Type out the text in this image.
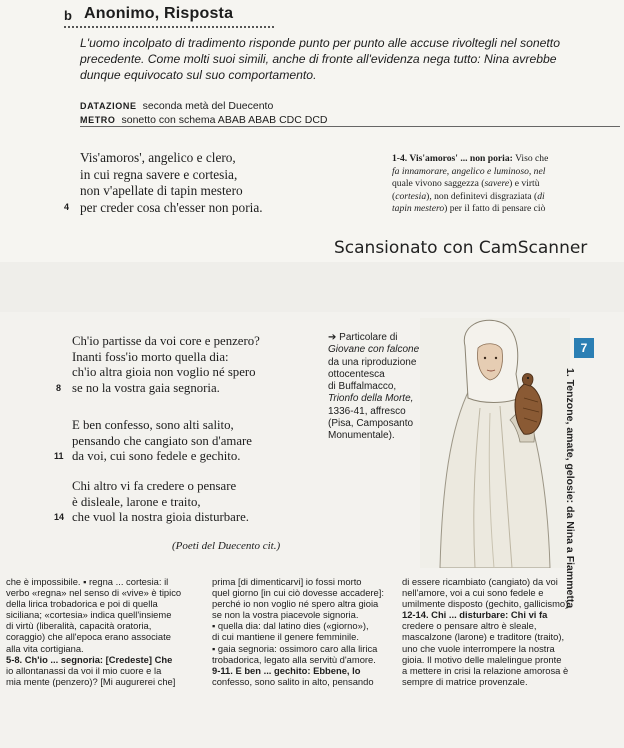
b Anonimo, Risposta
L'uomo incolpato di tradimento risponde punto per punto alle accuse rivoltegli nel sonetto precedente. Come molti suoi simili, anche di fronte all'evidenza nega tutto: Nina avrebbe dunque equivocato sul suo comportamento.
DATAZIONE seconda metà del Duecento
METRO sonetto con schema ABAB ABAB CDC DCD
Vis'amoros', angelico e clero,
in cui regna savere e cortesia,
non v'apellate di tapin mestero
per creder cosa ch'esser non poria.
4
1-4. Vis'amoros' ... non poria: Viso che
fa innamorare, angelico e luminoso, nel
quale vivono saggezza (savere) e virtù
(cortesia), non definitevi disgraziata (di
tapin mestero) per il fatto di pensare ciò
Scansionato con CamScanner
Ch'io partisse da voi core e penzero?
Inanti foss'io morto quella dia:
ch'io altra gioia non voglio né spero
se no la vostra gaia segnoria.
8
E ben confesso, sono alti salito,
pensando che cangiato son d'amare
da voi, cui sono fedele e gechito.
11
Chi altro vi fa credere o pensare
è disleale, larone e traito,
che vuol la nostra gioia disturbare.
14
(Poeti del Duecento cit.)
➔ Particolare di
Giovane con falcone
da una riproduzione
ottocentesca
di Buffalmacco,
Trionfo della Morte,
1336-41, affresco
(Pisa, Camposanto
Monumentale).
7
1. Tenzone, amate, gelosie: da Nina a Fiammetta
che è impossibile. ▪ regna ... cortesia: il
verbo «regna» nel senso di «vive» è tipico
della lirica trobadorica e poi di quella
siciliana; «cortesia» indica quell'insieme
di virtù (liberalità, capacità oratoria,
coraggio) che all'epoca erano associate
alla vita cortigiana.
5-8. Ch'io ... segnoria: [Credeste] Che
io allontanassi da voi il mio cuore e la
mia mente (penzero)? [Mi augurerei che]
prima [di dimenticarvi] io fossi morto
quel giorno [in cui ciò dovesse accadere]:
perché io non voglio né spero altra gioia
se non la vostra piacevole signoria.
▪ quella dia: dal latino dies («giorno»),
di cui mantiene il genere femminile.
▪ gaia segnoria: ossimoro caro alla lirica
trobadorica, legato alla servitù d'amore.
9-11. E ben ... gechito: Ebbene, lo
confesso, sono salito in alto, pensando
di essere ricambiato (cangiato) da voi
nell'amore, voi a cui sono fedele e
umilmente disposto (gechito, gallicismo).
12-14. Chi ... disturbare: Chi vi fa
credere o pensare altro è sleale,
mascalzone (larone) e traditore (traito),
uno che vuole interrompere la nostra
gioia. Il motivo delle malelingue pronte
a mettere in crisi la relazione amorosa è
sempre di matrice provenzale.
